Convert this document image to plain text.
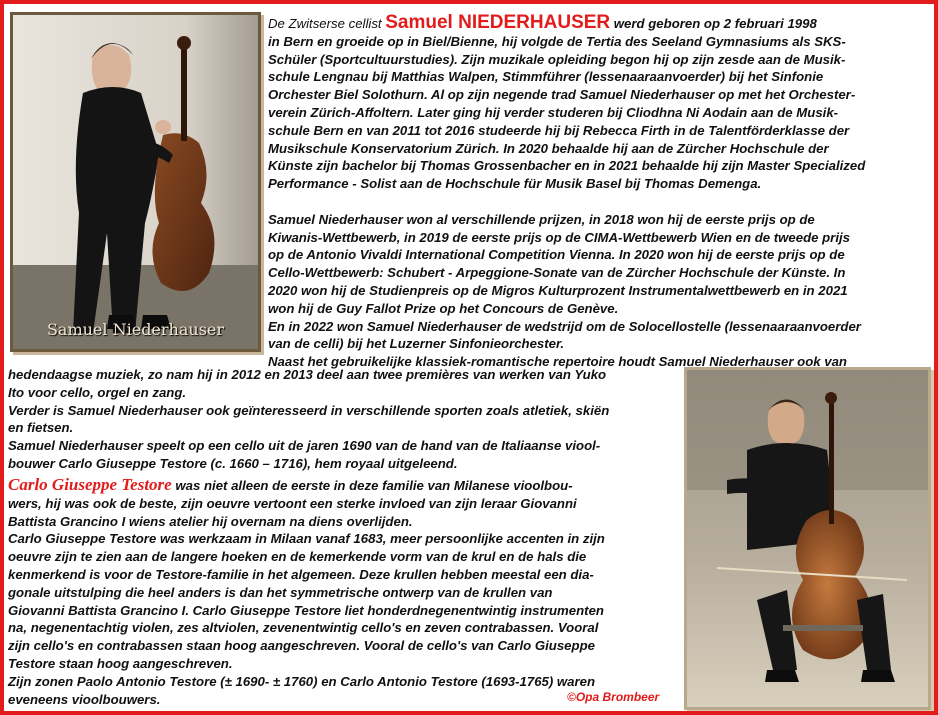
Samuel Niederhauser

De Zwitserse cellist Samuel NIEDERHAUSER werd geboren op 2 februari 1998

in Bern en groeide op in Biel/Bienne, hij volgde de Tertia des Seeland Gymnasiums als SKS-

Schüler (Sportcultuurstudies). Zijn muzikale opleiding begon hij op zijn zesde aan de Musik-

schule Lengnau bij Matthias Walpen, Stimmführer (lessenaaraanvoerder) bij het Sinfonie

Orchester Biel Solothurn. Al op zijn negende trad Samuel Niederhauser op met het Orchester-

verein Zürich-Affoltern. Later ging hij verder studeren bij Cliodhna Ni Aodain aan de Musik-

schule Bern en van 2011 tot 2016 studeerde hij bij Rebecca Firth in de Talentförderklasse der

Musikschule Konservatorium Zürich. In 2020 behaalde hij aan de Zürcher Hochschule der

Künste zijn bachelor bij Thomas Grossenbacher en in 2021 behaalde hij zijn Master Specialized

Performance - Solist aan de Hochschule für Musik Basel bij Thomas Demenga.

Samuel Niederhauser won al verschillende prijzen, in 2018 won hij de eerste prijs op de

Kiwanis-Wettbewerb, in 2019 de eerste prijs op de CIMA-Wettbewerb Wien en de tweede prijs

op de Antonio Vivaldi International Competition Vienna. In 2020 won hij de eerste prijs op de

Cello-Wettbewerb: Schubert - Arpeggione-Sonate van de Zürcher Hochschule der Künste. In

2020 won hij de Studienpreis op de Migros Kulturprozent Instrumentalwettbewerb en in 2021

won hij de Guy Fallot Prize op het Concours de Genève.

En in 2022 won Samuel Niederhauser de wedstrijd om de Solocellostelle (lessenaaraanvoerder

van de celli) bij het Luzerner Sinfonieorchester.

Naast het gebruikelijke klassiek-romantische repertoire houdt Samuel Niederhauser ook van

hedendaagse muziek, zo nam hij in 2012 en 2013 deel aan twee premières van werken van Yuko

Ito voor cello, orgel en zang.

Verder is Samuel Niederhauser ook geïnteresseerd in verschillende sporten zoals atletiek, skiën

en fietsen.

Samuel Niederhauser speelt op een cello uit de jaren 1690 van de hand van de Italiaanse viool-

bouwer Carlo Giuseppe Testore (c. 1660 – 1716), hem royaal uitgeleend.

Carlo Giuseppe Testore was niet alleen de eerste in deze familie van Milanese vioolbou-

wers, hij was ook de beste, zijn oeuvre vertoont een sterke invloed van zijn leraar Giovanni

Battista Grancino I wiens atelier hij overnam na diens overlijden.

Carlo Giuseppe Testore was werkzaam in Milaan vanaf 1683, meer persoonlijke accenten in zijn

oeuvre zijn te zien aan de langere hoeken en de kemerkende vorm van de krul en de hals die

kenmerkend is voor de Testore-familie in het algemeen. Deze krullen hebben meestal een dia-

gonale uitstulping die heel anders is dan het symmetrische ontwerp van de krullen van

Giovanni Battista Grancino I. Carlo Giuseppe Testore liet honderdnegenentwintig instrumenten

na, negenentachtig violen, zes altviolen, zevenentwintig cello's en zeven contrabassen. Vooral

zijn cello's en contrabassen staan hoog aangeschreven. Vooral de cello's van Carlo Giuseppe

Testore staan hoog aangeschreven.

Zijn zonen Paolo Antonio Testore (± 1690- ± 1760) en Carlo Antonio Testore (1693-1765) waren

eveneens vioolbouwers.	©Opa Brombeer
